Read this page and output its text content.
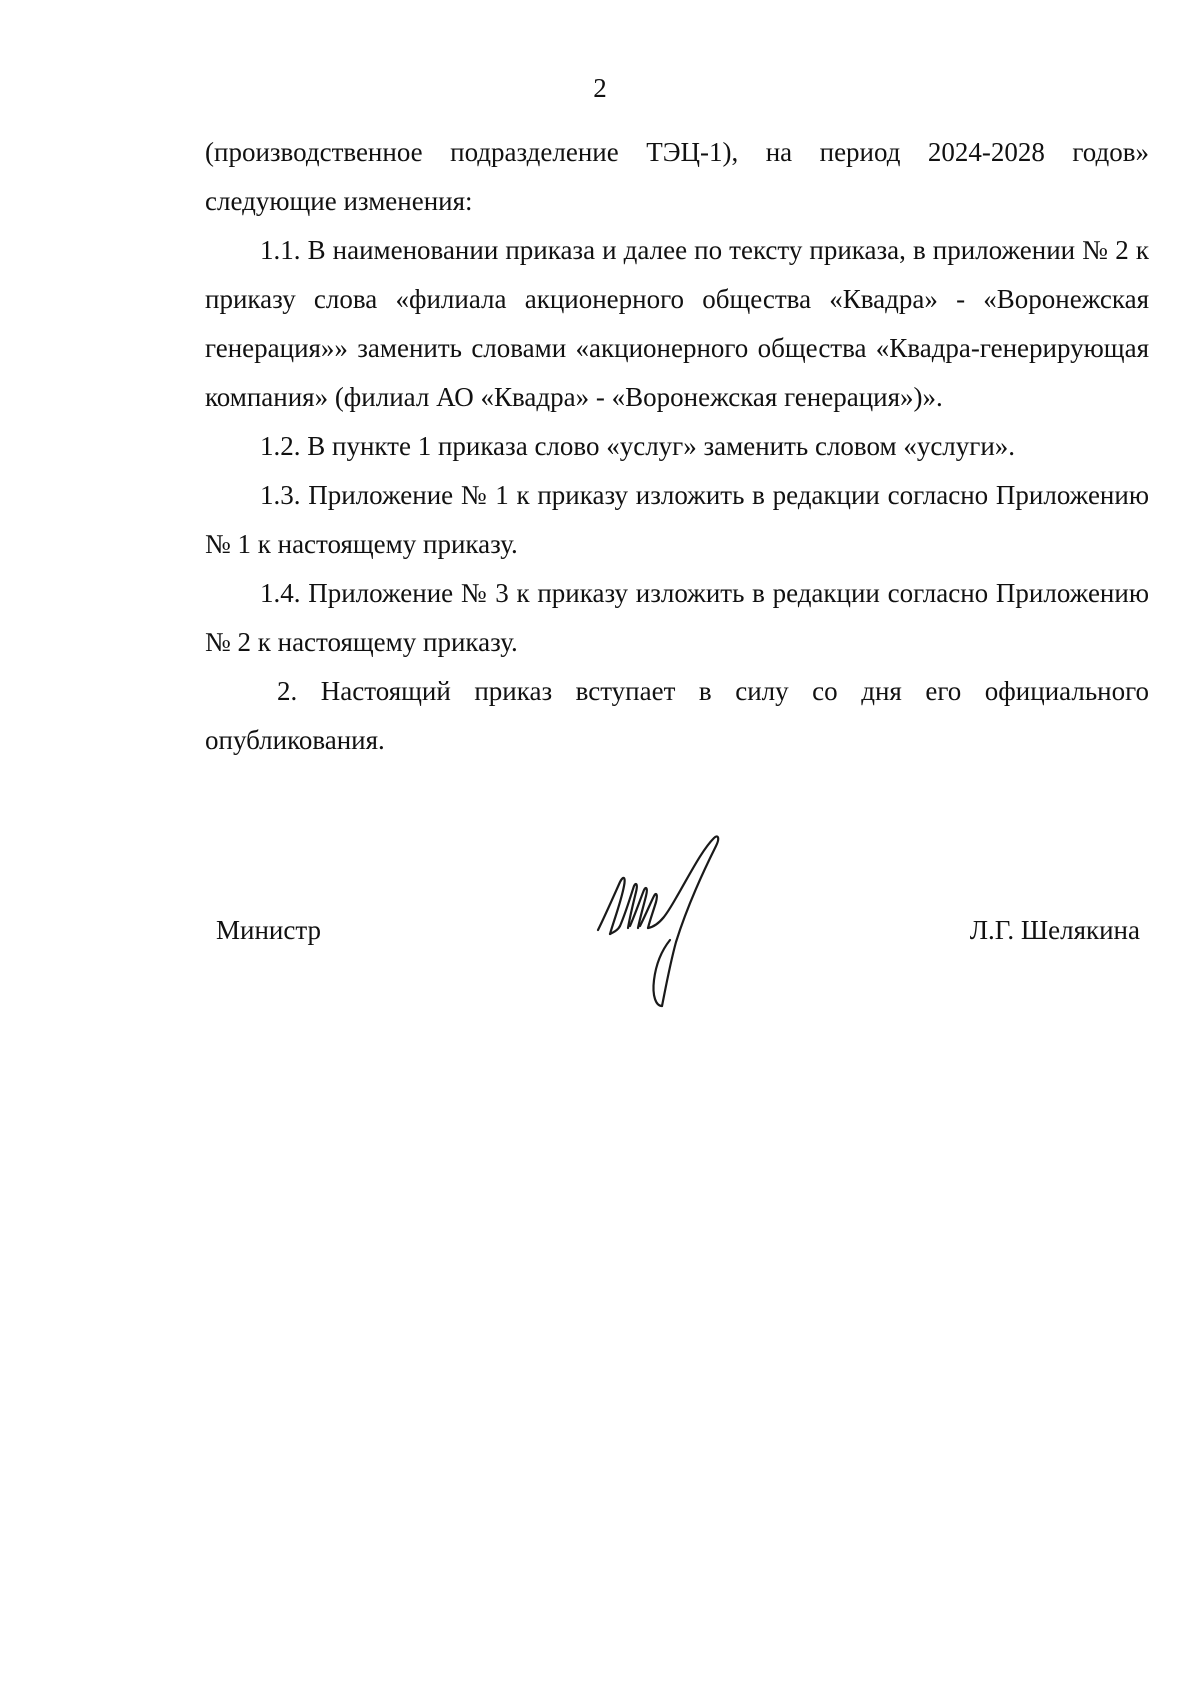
2

(производственное подразделение ТЭЦ-1), на период 2024-2028 годов» следующие изменения:

1.1. В наименовании приказа и далее по тексту приказа, в приложении № 2 к приказу слова «филиала акционерного общества «Квадра» - «Воронежская генерация»» заменить словами «акционерного общества «Квадра-генерирующая компания» (филиал АО «Квадра» - «Воронежская генерация»)».

1.2. В пункте 1 приказа слово «услуг» заменить словом «услуги».

1.3. Приложение № 1 к приказу изложить в редакции согласно Приложению № 1 к настоящему приказу.

1.4. Приложение № 3 к приказу изложить в редакции согласно Приложению № 2 к настоящему приказу.

2. Настоящий приказ вступает в силу со дня его официального опубликования.

Министр	Л.Г. Шелякина
